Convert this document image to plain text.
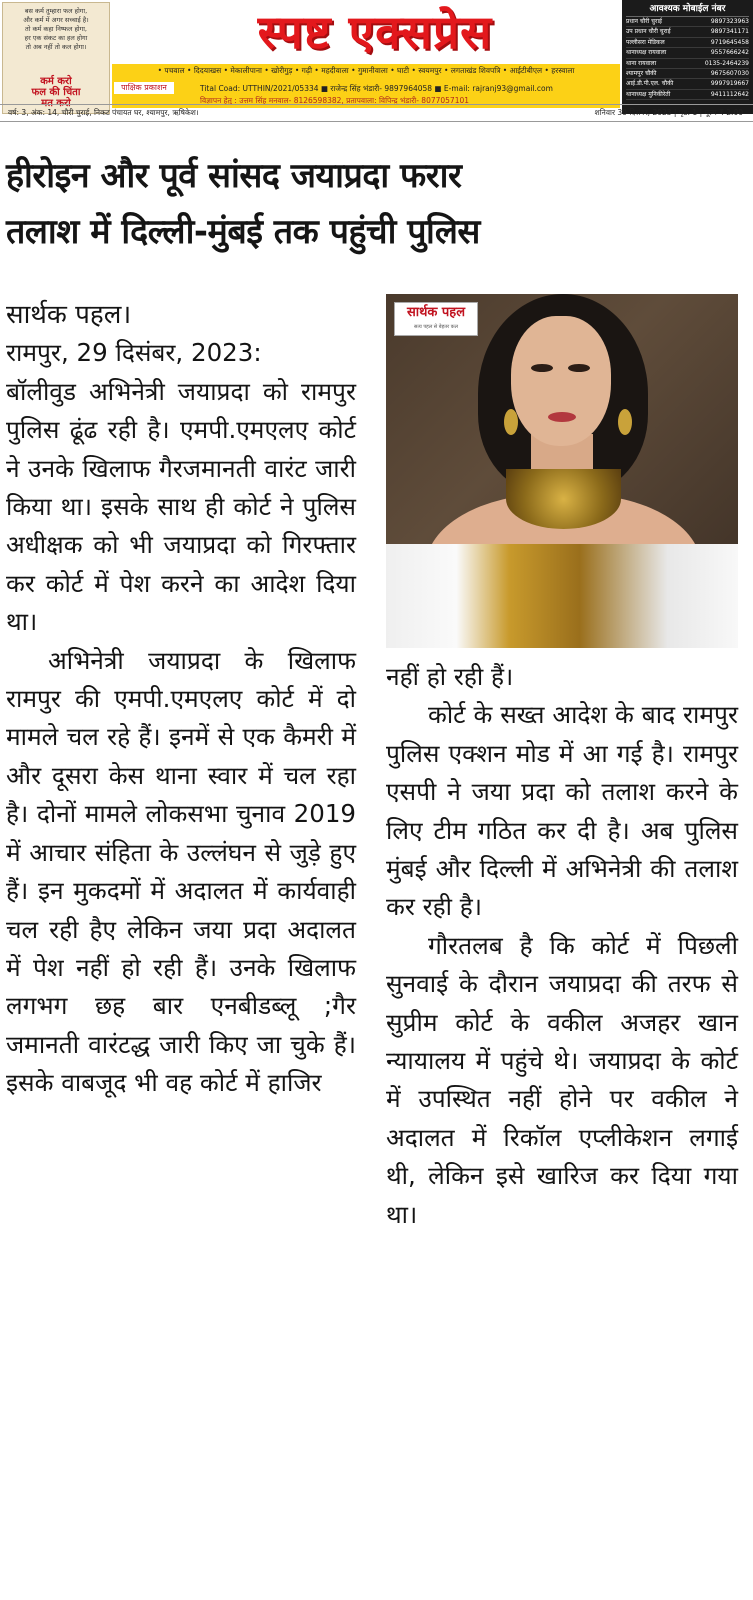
बस कर्म तुम्हारा फल होगा,
और कर्म में अगर सच्चाई है।
तो कर्म कहा निष्फल होगा,
हर एक संकट का हल होगा
तो अब नहीं तो कल होगा।
कर्म करो
फल की चिंता
मत करो
स्पष्ट एक्सप्रेस
• पचवाल • दिदयाखस • मेकालीपाना • खोरीगुड़ • गढ़ी • महदीवाला • गुमानीवाला • घाटी • स्वयमपुर • लगताखंड शिवपत्रि • आईटीबीएल • हरस्वाला
पाक्षिक प्रकाशन	Tital Coad: UTTHIN/2021/05334 ■ राजेन्द्र सिंह भंडारी- 9897964058 ■ E-mail: rajranj93@gmail.com
विज्ञापन हेतु : उत्तम सिंह मनवाल- 8126598382, प्रतापवाला: विपिन्द्र भंडारी- 8077057101
आवश्यक मोबाईल नंबर
प्रधान चौरी चुराई	9897323963
उप प्रधान चौरी चुराई	9897341171
पल्लीसरा मेडिकल	9719645458
थानाध्यक्ष रायवाला	9557666242
थाना रायवाला	0135-2464239
श्यामपुर चौकी	9675607030
आई.डी.पी.एल. चौकी	9997919667
थानाध्यक्ष मुनिकीरेती	9411112642
वर्ष: 3, अंक: 14, चौरी चुराई, निकट पंचायत घर, श्यामपुर, ऋषिकेश।	शनिवार 30 दिसंबर, 2023 | पृष्ठ: 1 | मूल्य ₹ 2.00
हीरोइन और पूर्व सांसद जयाप्रदा फरार
तलाश में दिल्ली-मुंबई तक पहुंची पुलिस

सार्थक पहल।

रामपुर, 29 दिसंबर, 2023:

बॉलीवुड अभिनेत्री जयाप्रदा को रामपुर पुलिस ढूंढ रही है। एमपी.एमएलए कोर्ट ने उनके खिलाफ गैरजमानती वारंट जारी किया था। इसके साथ ही कोर्ट ने पुलिस अधीक्षक को भी जयाप्रदा को गिरफ्तार कर कोर्ट में पेश करने का आदेश दिया था।

अभिनेत्री जयाप्रदा के खिलाफ रामपुर की एमपी.एमएलए कोर्ट में दो मामले चल रहे हैं। इनमें से एक कैमरी में और दूसरा केस थाना स्वार में चल रहा है। दोनों मामले लोकसभा चुनाव 2019 में आचार संहिता के उल्लंघन से जुड़े हुए हैं। इन मुकदमों में अदालत में कार्यवाही चल रही हैए लेकिन जया प्रदा अदालत में पेश नहीं हो रही हैं। उनके खिलाफ लगभग छह बार एनबीडब्लू ;गैर जमानती वारंटद्ध जारी किए जा चुके हैं। इसके वाबजूद भी वह कोर्ट में हाजिर

सार्थक पहल
सत्य पहल से बेहतर कल

नहीं हो रही हैं।

कोर्ट के सख्त आदेश के बाद रामपुर पुलिस एक्शन मोड में आ गई है। रामपुर एसपी ने जया प्रदा को तलाश करने के लिए टीम गठित कर दी है। अब पुलिस मुंबई और दिल्ली में अभिनेत्री की तलाश कर रही है।

गौरतलब है कि कोर्ट में पिछली सुनवाई के दौरान जयाप्रदा की तरफ से सुप्रीम कोर्ट के वकील अजहर खान न्यायालय में पहुंचे थे। जयाप्रदा के कोर्ट में उपस्थित नहीं होने पर वकील ने अदालत में रिकॉल एप्लीकेशन लगाई थी, लेकिन इसे खारिज कर दिया गया था।
